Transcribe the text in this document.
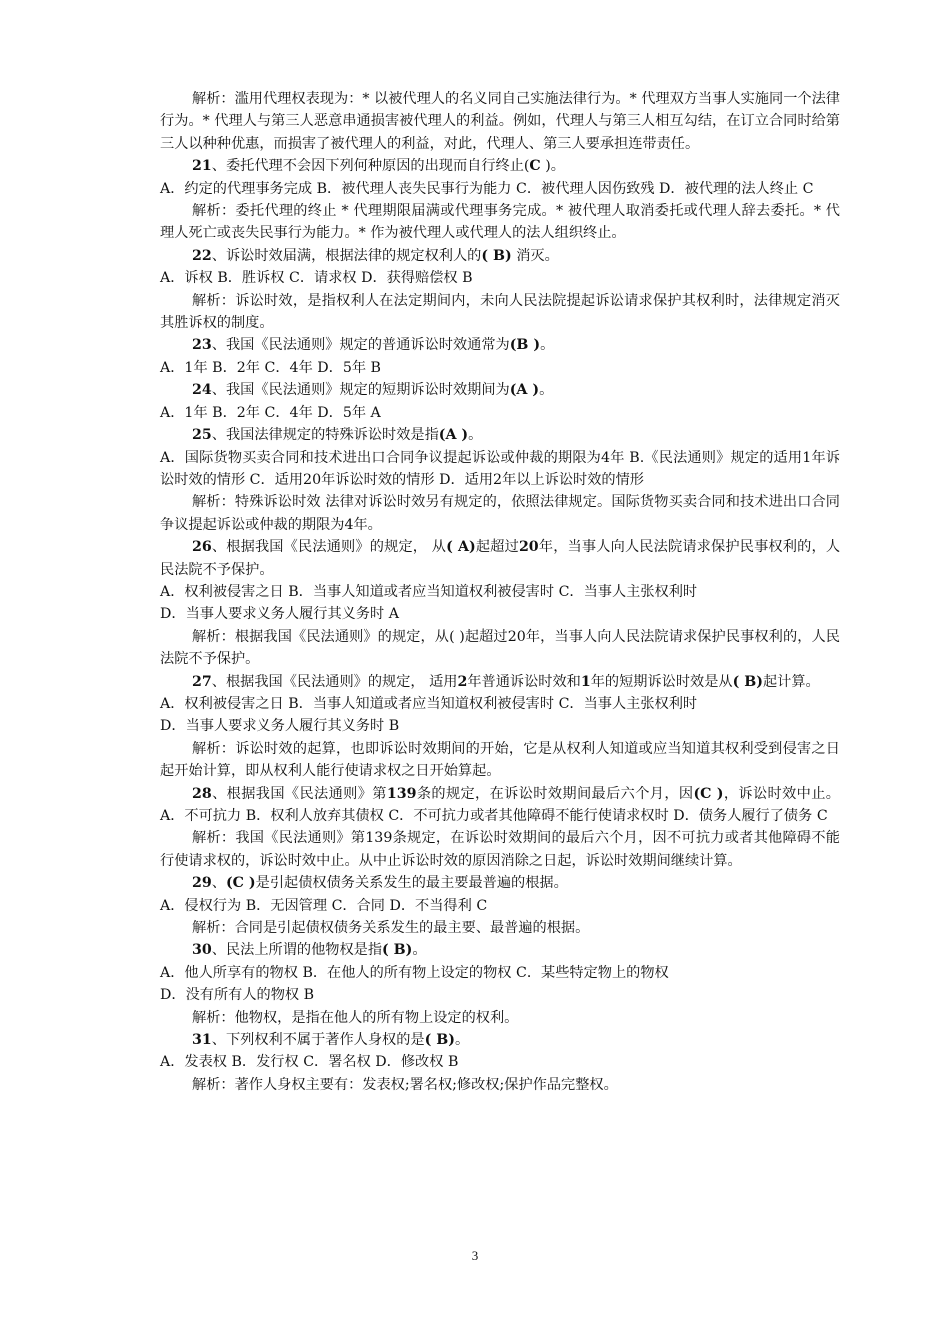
解析：滥用代理权表现为：* 以被代理人的名义同自己实施法律行为。* 代理双方当事人实施同一个法律行为。* 代理人与第三人恶意串通损害被代理人的利益。例如，代理人与第三人相互勾结，在订立合同时给第三人以种种优惠，而损害了被代理人的利益，对此，代理人、第三人要承担连带责任。

21、委托代理不会因下列何种原因的出现而自行终止(C )。

A．约定的代理事务完成 B．被代理人丧失民事行为能力 C．被代理人因伤致残 D．被代理的法人终止 C

解析：委托代理的终止 * 代理期限届满或代理事务完成。* 被代理人取消委托或代理人辞去委托。* 代理人死亡或丧失民事行为能力。* 作为被代理人或代理人的法人组织终止。

22、诉讼时效届满，根据法律的规定权利人的( B) 消灭。

A．诉权 B．胜诉权 C．请求权 D．获得赔偿权 B

解析：诉讼时效，是指权利人在法定期间内，未向人民法院提起诉讼请求保护其权利时，法律规定消灭其胜诉权的制度。

23、我国《民法通则》规定的普通诉讼时效通常为(B )。

A．1年 B．2年 C．4年 D．5年 B

24、我国《民法通则》规定的短期诉讼时效期间为(A )。

A．1年 B．2年 C．4年 D．5年 A

25、我国法律规定的特殊诉讼时效是指(A )。

A．国际货物买卖合同和技术进出口合同争议提起诉讼或仲裁的期限为4年 B.《民法通则》规定的适用1年诉讼时效的情形 C．适用20年诉讼时效的情形 D．适用2年以上诉讼时效的情形

解析：特殊诉讼时效 法律对诉讼时效另有规定的，依照法律规定。国际货物买卖合同和技术进出口合同争议提起诉讼或仲裁的期限为4年。

26、根据我国《民法通则》的规定， 从( A)起超过20年，当事人向人民法院请求保护民事权利的，人民法院不予保护。

A．权利被侵害之日 B．当事人知道或者应当知道权利被侵害时 C．当事人主张权利时

D．当事人要求义务人履行其义务时 A

解析：根据我国《民法通则》的规定，从( )起超过20年，当事人向人民法院请求保护民事权利的，人民法院不予保护。

27、根据我国《民法通则》的规定， 适用2年普通诉讼时效和1年的短期诉讼时效是从( B)起计算。

A．权利被侵害之日 B．当事人知道或者应当知道权利被侵害时 C．当事人主张权利时

D．当事人要求义务人履行其义务时 B

解析：诉讼时效的起算，也即诉讼时效期间的开始，它是从权利人知道或应当知道其权利受到侵害之日起开始计算，即从权利人能行使请求权之日开始算起。

28、根据我国《民法通则》第139条的规定，在诉讼时效期间最后六个月，因(C )，诉讼时效中止。 A．不可抗力 B．权利人放弃其债权 C．不可抗力或者其他障碍不能行使请求权时 D．债务人履行了债务 C

解析：我国《民法通则》第139条规定，在诉讼时效期间的最后六个月，因不可抗力或者其他障碍不能行使请求权的，诉讼时效中止。从中止诉讼时效的原因消除之日起，诉讼时效期间继续计算。

29、(C )是引起债权债务关系发生的最主要最普遍的根据。

A．侵权行为 B．无因管理 C．合同 D．不当得利 C

解析：合同是引起债权债务关系发生的最主要、最普遍的根据。

30、民法上所谓的他物权是指( B)。

A．他人所享有的物权 B．在他人的所有物上设定的物权 C．某些特定物上的物权

D．没有所有人的物权 B

解析：他物权，是指在他人的所有物上设定的权利。

31、下列权利不属于著作人身权的是( B)。

A．发表权 B．发行权 C．署名权 D．修改权 B

解析：著作人身权主要有：发表权;署名权;修改权;保护作品完整权。

3
